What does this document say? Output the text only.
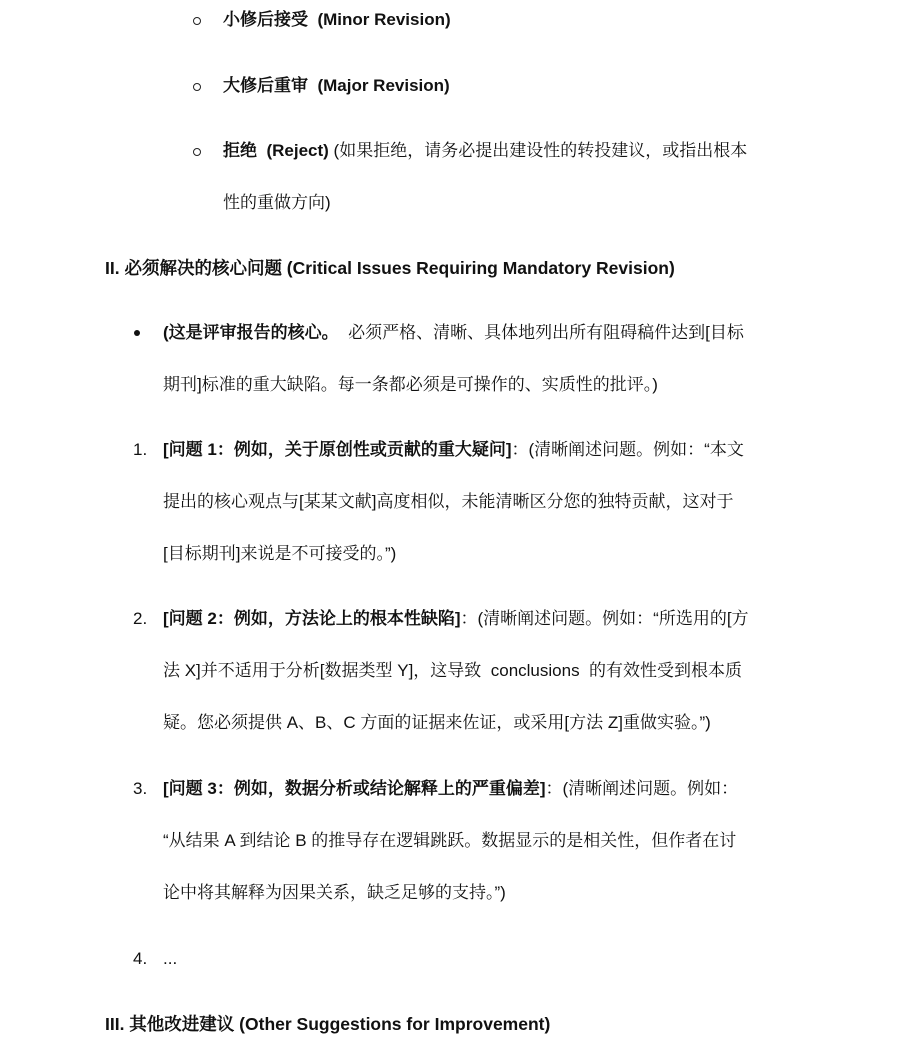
小修后接受 (Minor Revision)
大修后重审 (Major Revision)
拒绝 (Reject) (如果拒绝，请务必提出建设性的转投建议，或指出根本
性的重做方向)
II. 必须解决的核心问题 (Critical Issues Requiring Mandatory Revision)
(这是评审报告的核心。 必须严格、清晰、具体地列出所有阻碍稿件达到[目标
期刊]标准的重大缺陷。每一条都必须是可操作的、实质性的批评。)
1. [问题 1：例如，关于原创性或贡献的重大疑问]：(清晰阐述问题。例如：“本文
提出的核心观点与[某某文献]高度相似，未能清晰区分您的独特贡献，这对于
[目标期刊]来说是不可接受的。”)
2. [问题 2：例如，方法论上的根本性缺陷]：(清晰阐述问题。例如：“所选用的[方
法 X]并不适用于分析[数据类型 Y]，这导致  conclusions  的有效性受到根本质
疑。您必须提供 A、B、C 方面的证据来佐证，或采用[方法 Z]重做实验。”)
3. [问题 3：例如，数据分析或结论解释上的严重偏差]：(清晰阐述问题。例如：
“从结果 A 到结论 B 的推导存在逻辑跳跃。数据显示的是相关性，但作者在讨
论中将其解释为因果关系，缺乏足够的支持。”)
4. ...
III. 其他改进建议 (Other Suggestions for Improvement)
